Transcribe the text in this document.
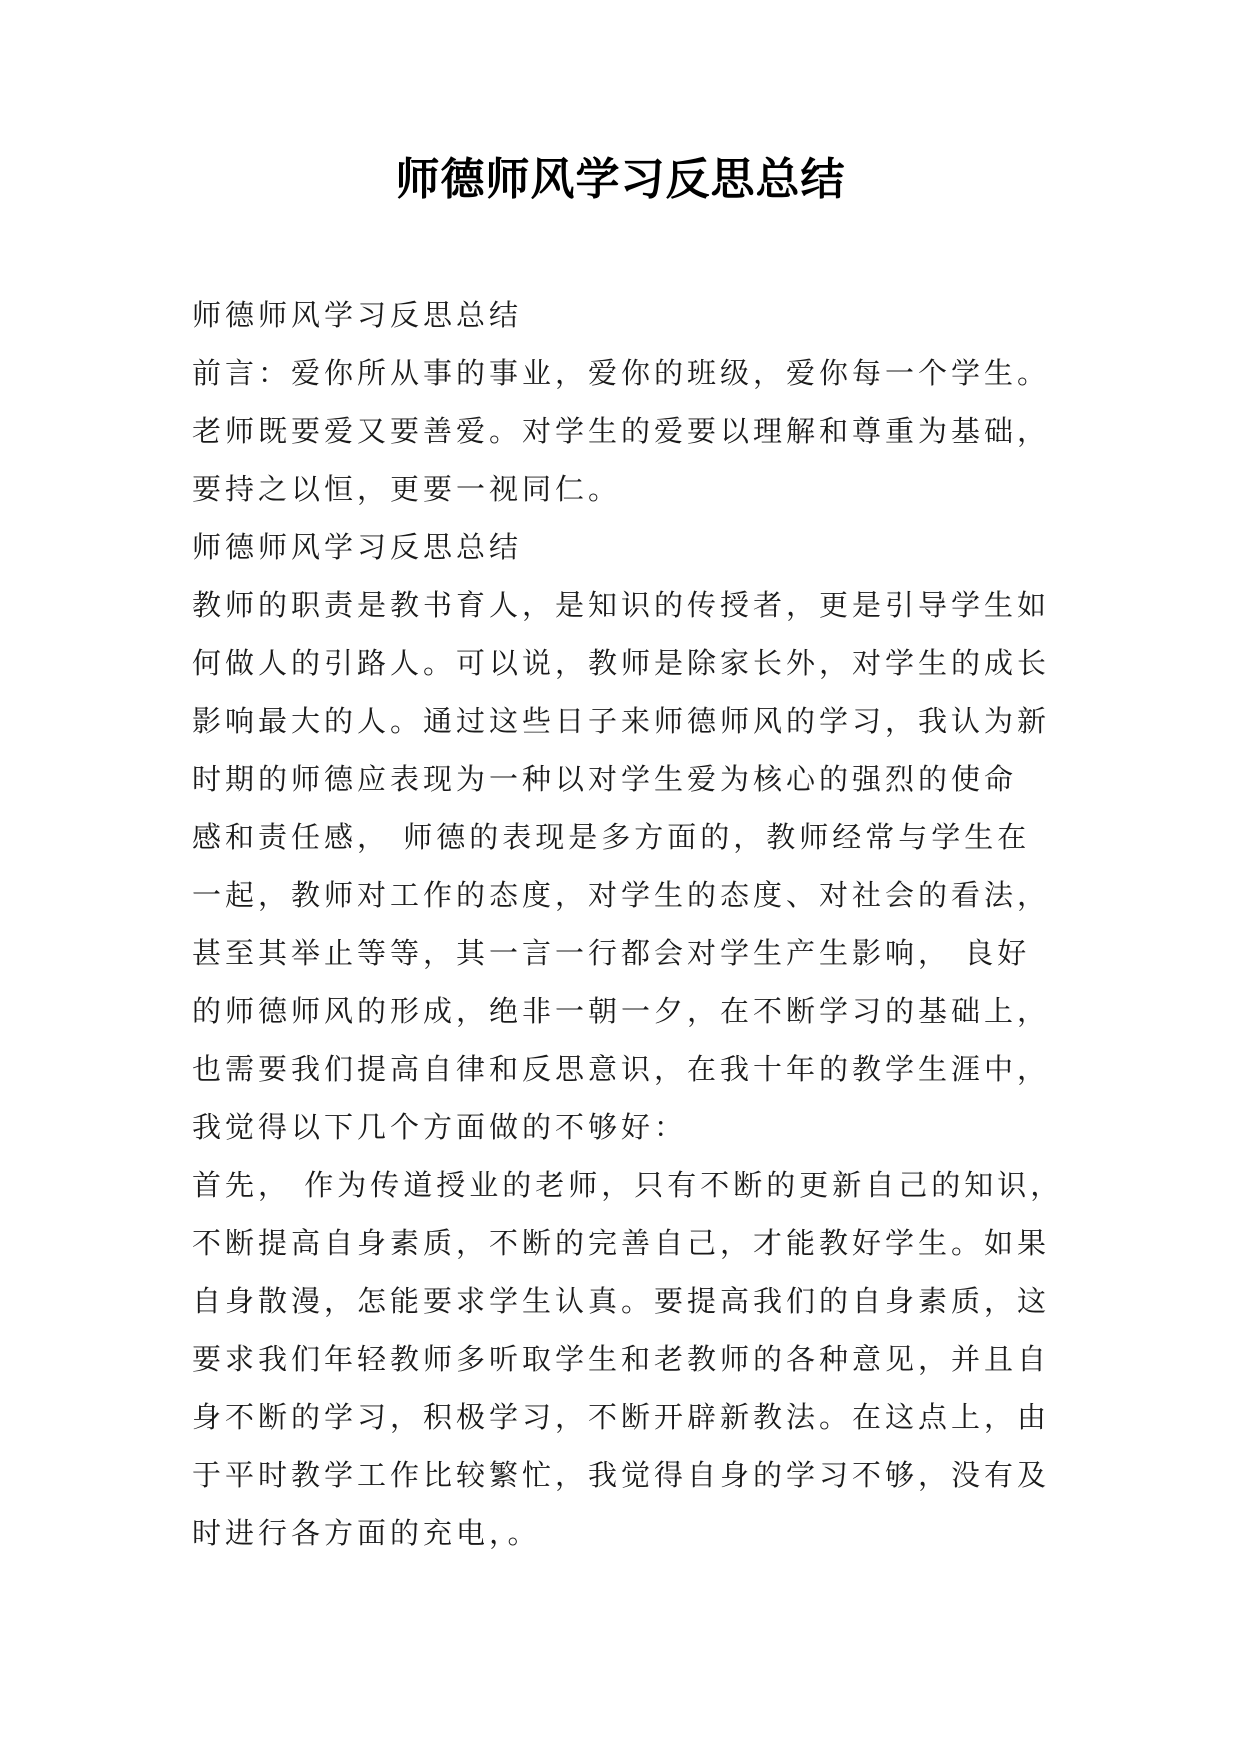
师德师风学习反思总结
师德师风学习反思总结
前言：爱你所从事的事业，爱你的班级，爱你每一个学生。
老师既要爱又要善爱。对学生的爱要以理解和尊重为基础，
要持之以恒，更要一视同仁。
师德师风学习反思总结
教师的职责是教书育人，是知识的传授者，更是引导学生如
何做人的引路人。可以说，教师是除家长外，对学生的成长
影响最大的人。通过这些日子来师德师风的学习，我认为新
时期的师德应表现为一种以对学生爱为核心的强烈的使命
感和责任感， 师德的表现是多方面的，教师经常与学生在
一起，教师对工作的态度，对学生的态度、对社会的看法，
甚至其举止等等，其一言一行都会对学生产生影响， 良好
的师德师风的形成，绝非一朝一夕，在不断学习的基础上，
也需要我们提高自律和反思意识，在我十年的教学生涯中，
我觉得以下几个方面做的不够好：
首先， 作为传道授业的老师，只有不断的更新自己的知识，
不断提高自身素质，不断的完善自己，才能教好学生。如果
自身散漫，怎能要求学生认真。要提高我们的自身素质，这
要求我们年轻教师多听取学生和老教师的各种意见，并且自
身不断的学习，积极学习，不断开辟新教法。在这点上，由
于平时教学工作比较繁忙，我觉得自身的学习不够，没有及
时进行各方面的充电，。
